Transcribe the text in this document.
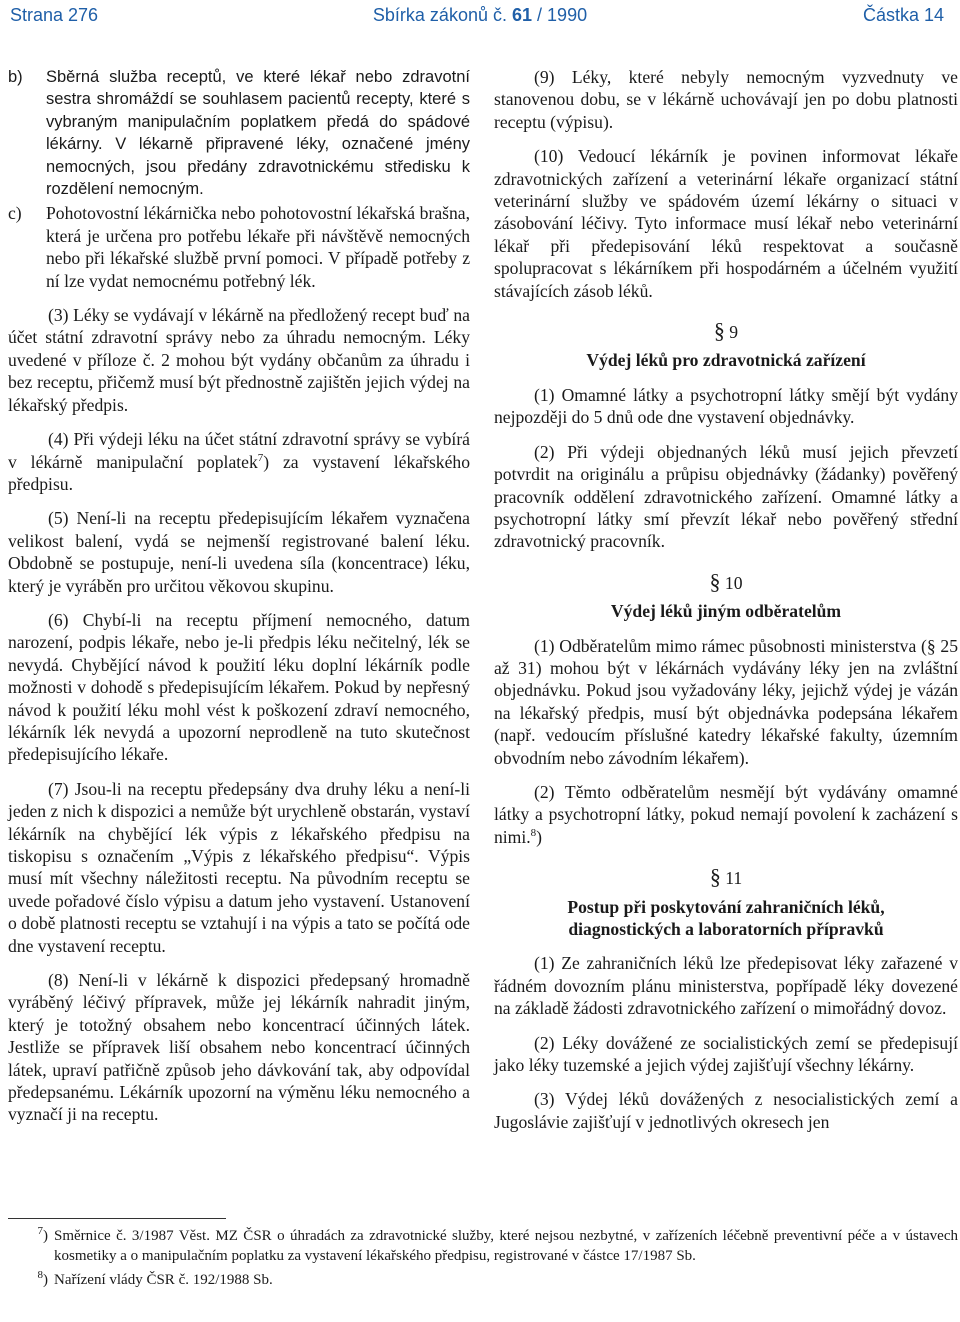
Strana 276	Sbírka zákonů č. 61 / 1990	Částka 14

b) Sběrná služba receptů, ve které lékař nebo zdravotní sestra shromáždí se souhlasem pacientů recepty, které s vybraným manipulačním poplatkem předá do spádové lékárny. V lékarně připravené léky, označené jmény nemocných, jsou předány zdravotnickému středisku k rozdělení nemocným.

c) Pohotovostní lékárnička nebo pohotovostní lékařská brašna, která je určena pro potřebu lékaře při návštěvě nemocných nebo při lékařské službě první pomoci. V případě potřeby z ní lze vydat nemocnému potřebný lék.

(3) Léky se vydávají v lékárně na předložený recept buď na účet státní zdravotní správy nebo za úhradu nemocným. Léky uvedené v příloze č. 2 mohou být vydány občanům za úhradu i bez receptu, přičemž musí být přednostně zajištěn jejich výdej na lékařský předpis.

(4) Při výdeji léku na účet státní zdravotní správy se vybírá v lékárně manipulační poplatek$^7$) za vystavení lékařského předpisu.

(5) Není-li na receptu předepisujícím lékařem vyznačena velikost balení, vydá se nejmenší registrované balení léku. Obdobně se postupuje, není-li uvedena síla (koncentrace) léku, který je vyráběn pro určitou věkovou skupinu.

(6) Chybí-li na receptu příjmení nemocného, datum narození, podpis lékaře, nebo je-li předpis léku nečitelný, lék se nevydá. Chybějící návod k použití léku doplní lékárník podle možnosti v dohodě s předepisujícím lékařem. Pokud by nepřesný návod k použití léku mohl vést k poškození zdraví nemocného, lékárník lék nevydá a upozorní neprodleně na tuto skutečnost předepisujícího lékaře.

(7) Jsou-li na receptu předepsány dva druhy léku a není-li jeden z nich k dispozici a nemůže být urychleně obstarán, vystaví lékárník na chybějící lék výpis z lékařského předpisu na tiskopisu s označením „Výpis z lékařského předpisu“. Výpis musí mít všechny náležitosti receptu. Na původním receptu se uvede pořadové číslo výpisu a datum jeho vystavení. Ustanovení o době platnosti receptu se vztahují i na výpis a tato se počítá ode dne vystavení receptu.

(8) Není-li v lékárně k dispozici předepsaný hromadně vyráběný léčivý přípravek, může jej lékárník nahradit jiným, který je totožný obsahem nebo koncentrací účinných látek. Jestliže se přípravek liší obsahem nebo koncentrací účinných látek, upraví patřičně způsob jeho dávkování tak, aby odpovídal předepsanému. Lékárník upozorní na výměnu léku nemocného a vyznačí ji na receptu.

(9) Léky, které nebyly nemocným vyzvednuty ve stanovenou dobu, se v lékárně uchovávají jen po dobu platnosti receptu (výpisu).

(10) Vedoucí lékárník je povinen informovat lékaře zdravotnických zařízení a veterinární lékaře organizací státní veterinární služby ve spádovém území lékárny o situaci v zásobování léčivy. Tyto informace musí lékař nebo veterinární lékař při předepisování léků respektovat a současně spolupracovat s lékárníkem při hospodárném a účelném využití stávajících zásob léků.

§ 9

Výdej léků pro zdravotnická zařízení

(1) Omamné látky a psychotropní látky smějí být vydány nejpozději do 5 dnů ode dne vystavení objednávky.

(2) Při výdeji objednaných léků musí jejich převzetí potvrdit na originálu a průpisu objednávky (žádanky) pověřený pracovník oddělení zdravotnického zařízení. Omamné látky a psychotropní látky smí převzít lékař nebo pověřený střední zdravotnický pracovník.

§ 10

Výdej léků jiným odběratelům

(1) Odběratelům mimo rámec působnosti ministerstva (§ 25 až 31) mohou být v lékárnách vydávány léky jen na zvláštní objednávku. Pokud jsou vyžadovány léky, jejichž výdej je vázán na lékařský předpis, musí být objednávka podepsána lékařem (např. vedoucím příslušné katedry lékařské fakulty, územním obvodním nebo závodním lékařem).

(2) Těmto odběratelům nesmějí být vydávány omamné látky a psychotropní látky, pokud nemají povolení k zacházení s nimi.$^8$)

§ 11

Postup při poskytování zahraničních léků,
diagnostických a laboratorních přípravků

(1) Ze zahraničních léků lze předepisovat léky zařazené v řádném dovozním plánu ministerstva, popřípadě léky dovezené na základě žádosti zdravotnického zařízení o mimořádný dovoz.

(2) Léky dovážené ze socialistických zemí se předepisují jako léky tuzemské a jejich výdej zajišťují všechny lékárny.

(3) Výdej léků dovážených z nesocialistických zemí a Jugoslávie zajišťují v jednotlivých okresech jen

$^7$) Směrnice č. 3/1987 Věst. MZ ČSR o úhradách za zdravotnické služby, které nejsou nezbytné, v zařízeních léčebně preventivní péče a v ústavech kosmetiky a o manipulačním poplatku za vystavení lékařského předpisu, registrované v částce 17/1987 Sb.

$^8$) Nařízení vlády ČSR č. 192/1988 Sb.
